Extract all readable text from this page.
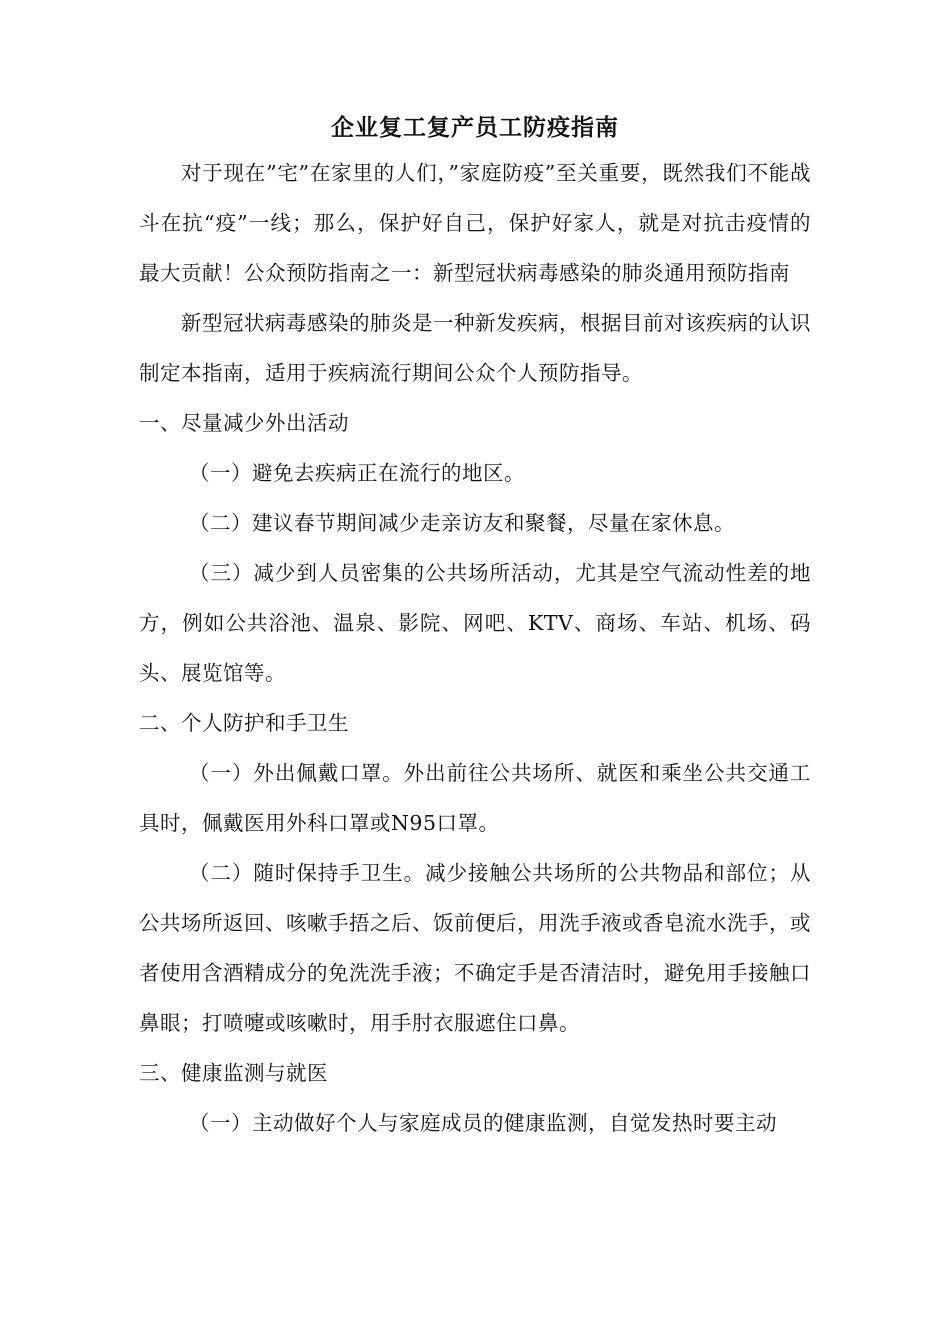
企业复工复产员工防疫指南

对于现在”宅”在家里的人们，”家庭防疫”至关重要，既然我们不能战斗在抗“疫”一线；那么，保护好自己，保护好家人，就是对抗击疫情的最大贡献！公众预防指南之一：新型冠状病毒感染的肺炎通用预防指南

新型冠状病毒感染的肺炎是一种新发疾病，根据目前对该疾病的认识制定本指南，适用于疾病流行期间公众个人预防指导。

一、尽量减少外出活动

（一）避免去疾病正在流行的地区。

（二）建议春节期间减少走亲访友和聚餐，尽量在家休息。

（三）减少到人员密集的公共场所活动，尤其是空气流动性差的地方，例如公共浴池、温泉、影院、网吧、KTV、商场、车站、机场、码头、展览馆等。

二、个人防护和手卫生

（一）外出佩戴口罩。外出前往公共场所、就医和乘坐公共交通工具时，佩戴医用外科口罩或N95口罩。

（二）随时保持手卫生。减少接触公共场所的公共物品和部位；从公共场所返回、咳嗽手捂之后、饭前便后，用洗手液或香皂流水洗手，或者使用含酒精成分的免洗洗手液；不确定手是否清洁时，避免用手接触口鼻眼；打喷嚏或咳嗽时，用手肘衣服遮住口鼻。

三、健康监测与就医

（一）主动做好个人与家庭成员的健康监测，自觉发热时要主动
